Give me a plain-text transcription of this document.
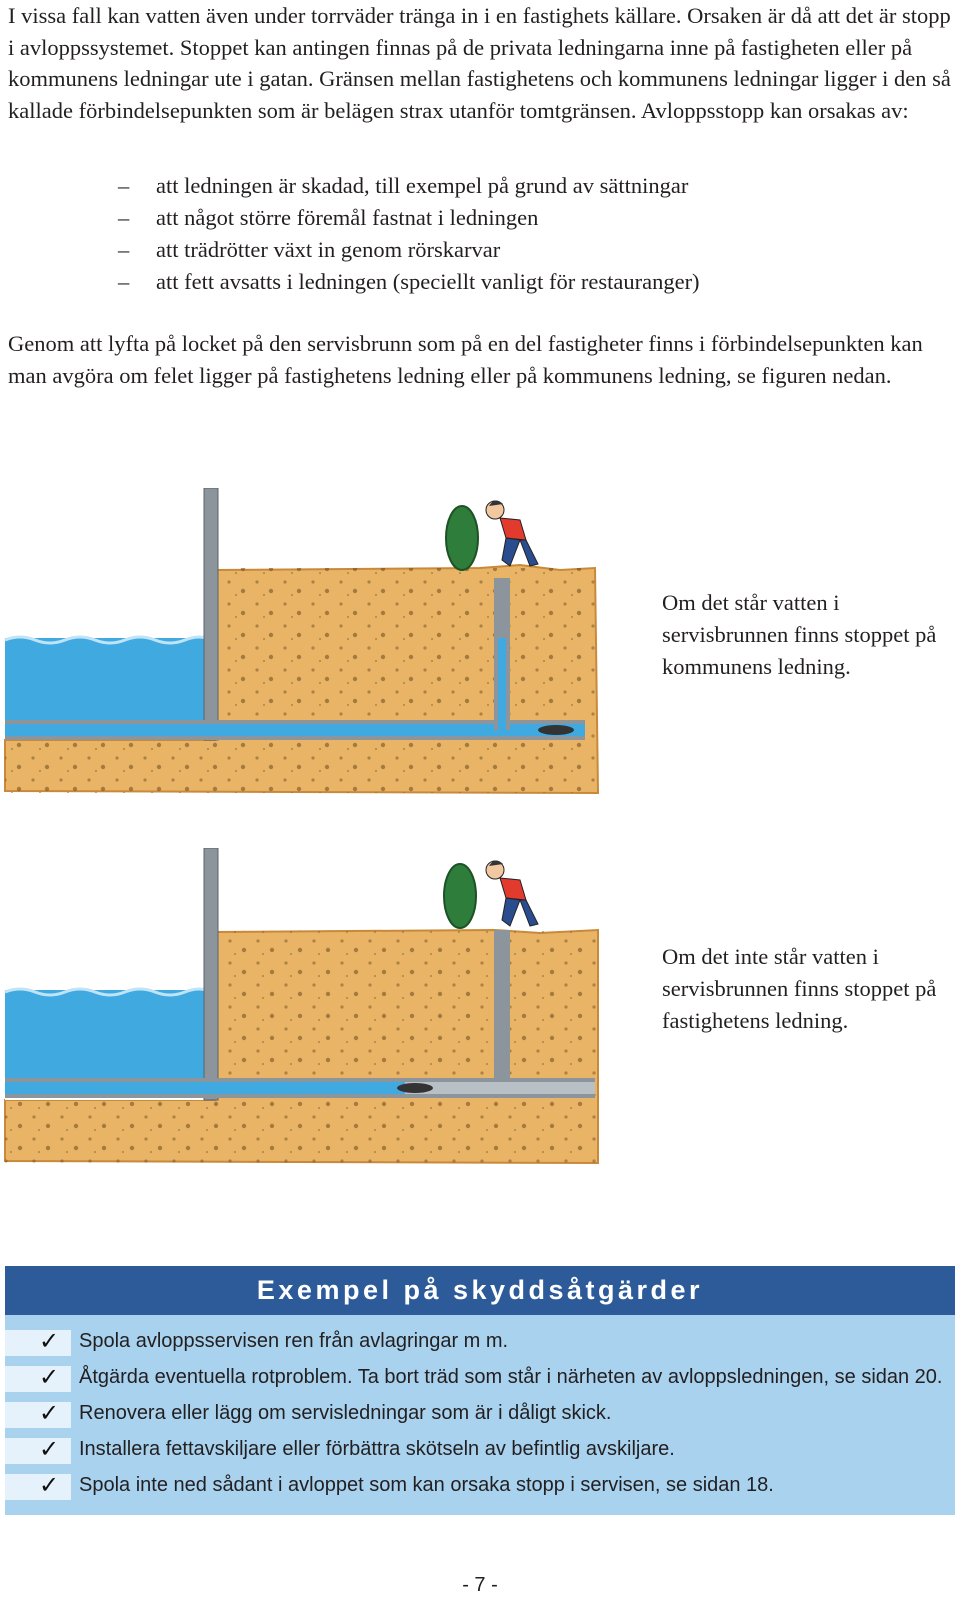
I vissa fall kan vatten även under torrväder tränga in i en fastighets källare. Orsaken är då att det är stopp i avloppssystemet. Stoppet kan antingen finnas på de privata ledningarna inne på fastigheten eller på kommunens ledningar ute i gatan. Gränsen mellan fastighetens och kommunens ledningar ligger i den så kallade förbindelsepunkten som är belägen strax utanför tomtgränsen. Avloppsstopp kan orsakas av:

– att ledningen är skadad, till exempel på grund av sättningar
– att något större föremål fastnat i ledningen
– att trädrötter växt in genom rörskarvar
– att fett avsatts i ledningen (speciellt vanligt för restauranger)

Genom att lyfta på locket på den servisbrunn som på en del fastigheter finns i förbindelsepunkten kan man avgöra om felet ligger på fastighetens ledning eller på kommunens ledning, se figuren nedan.

Om det står vatten i servisbrunnen finns stoppet på kommunens ledning.
Om det inte står vatten i servisbrunnen finns stoppet på fastighetens ledning.
Exempel på skyddsåtgärder
✓ Spola avloppsservisen ren från avlagringar m m.
✓ Åtgärda eventuella rotproblem. Ta bort träd som står i närheten av avloppsledningen, se sidan 20.
✓ Renovera eller lägg om servisledningar som är i dåligt skick.
✓ Installera fettavskiljare eller förbättra skötseln av befintlig avskiljare.
✓ Spola inte ned sådant i avloppet som kan orsaka stopp i servisen, se sidan 18.
- 7 -
